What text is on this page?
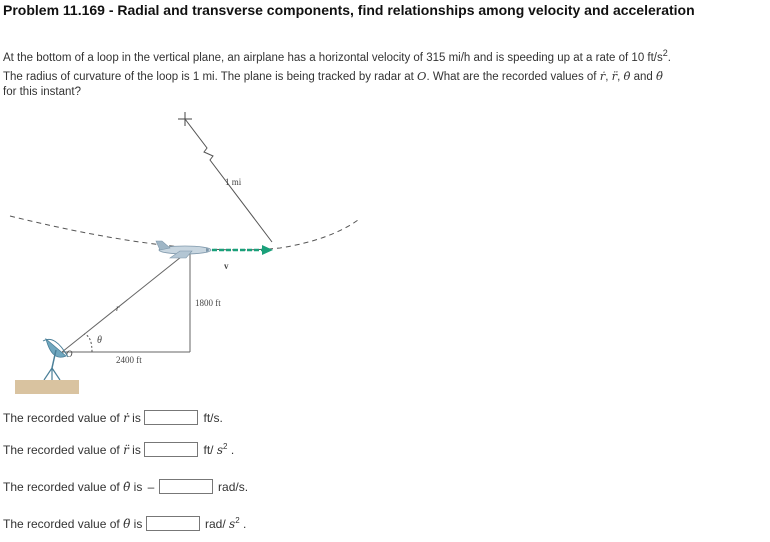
Problem 11.169 - Radial and transverse components, find relationships among velocity and acceleration
At the bottom of a loop in the vertical plane, an airplane has a horizontal velocity of 315 mi/h and is speeding up at a rate of 10 $ft/s^2$.
The radius of curvature of the loop is 1 mi. The plane is being tracked by radar at O. What are the recorded values of ṙ, r̈, θ̇ and θ̈
for this instant?
1 mi
θ
r	1800 ft
2400 ft
O
v
The recorded value of ṙ is	ft/s.
The recorded value of r̈ is	ft/ $s^2$ .
The recorded value of θ̇ is –	rad/s.
The recorded value of θ̈ is	rad/ $s^2$ .
